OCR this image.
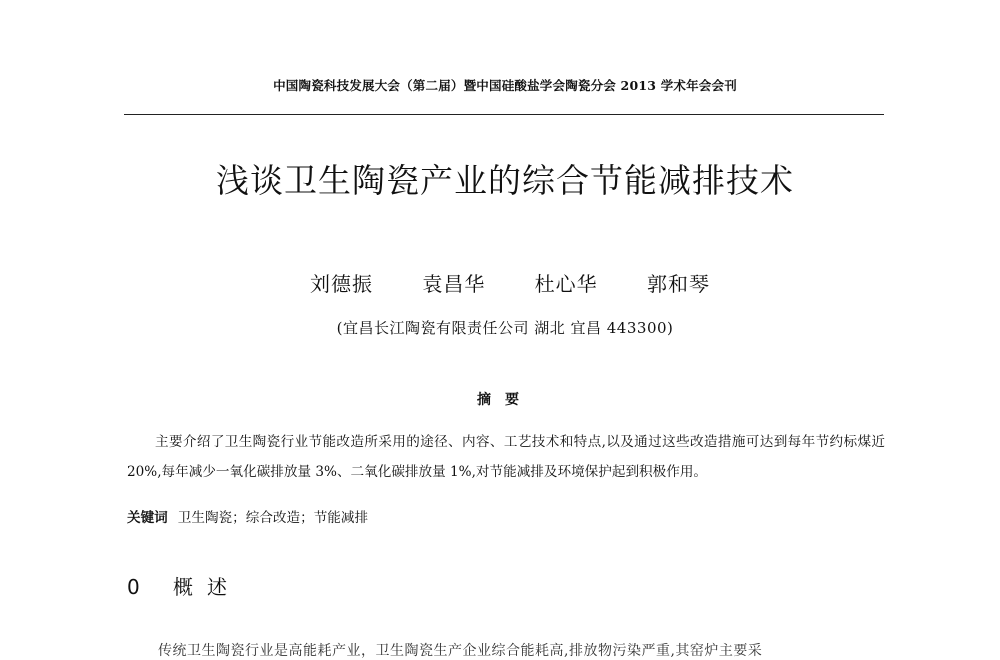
中国陶瓷科技发展大会（第二届）暨中国硅酸盐学会陶瓷分会 2013 学术年会会刊
浅谈卫生陶瓷产业的综合节能减排技术
刘德振 袁昌华 杜心华 郭和琴
(宜昌长江陶瓷有限责任公司 湖北 宜昌 443300)
摘要
主要介绍了卫生陶瓷行业节能改造所采用的途径、内容、工艺技术和特点,以及通过这些改造措施可达到每年节约标煤近 20%,每年减少一氧化碳排放量 3%、二氧化碳排放量 1%,对节能减排及环境保护起到积极作用。
关键词 卫生陶瓷；综合改造；节能减排
0	概述
传统卫生陶瓷行业是高能耗产业，卫生陶瓷生产企业综合能耗高,排放物污染严重,其窑炉主要采
